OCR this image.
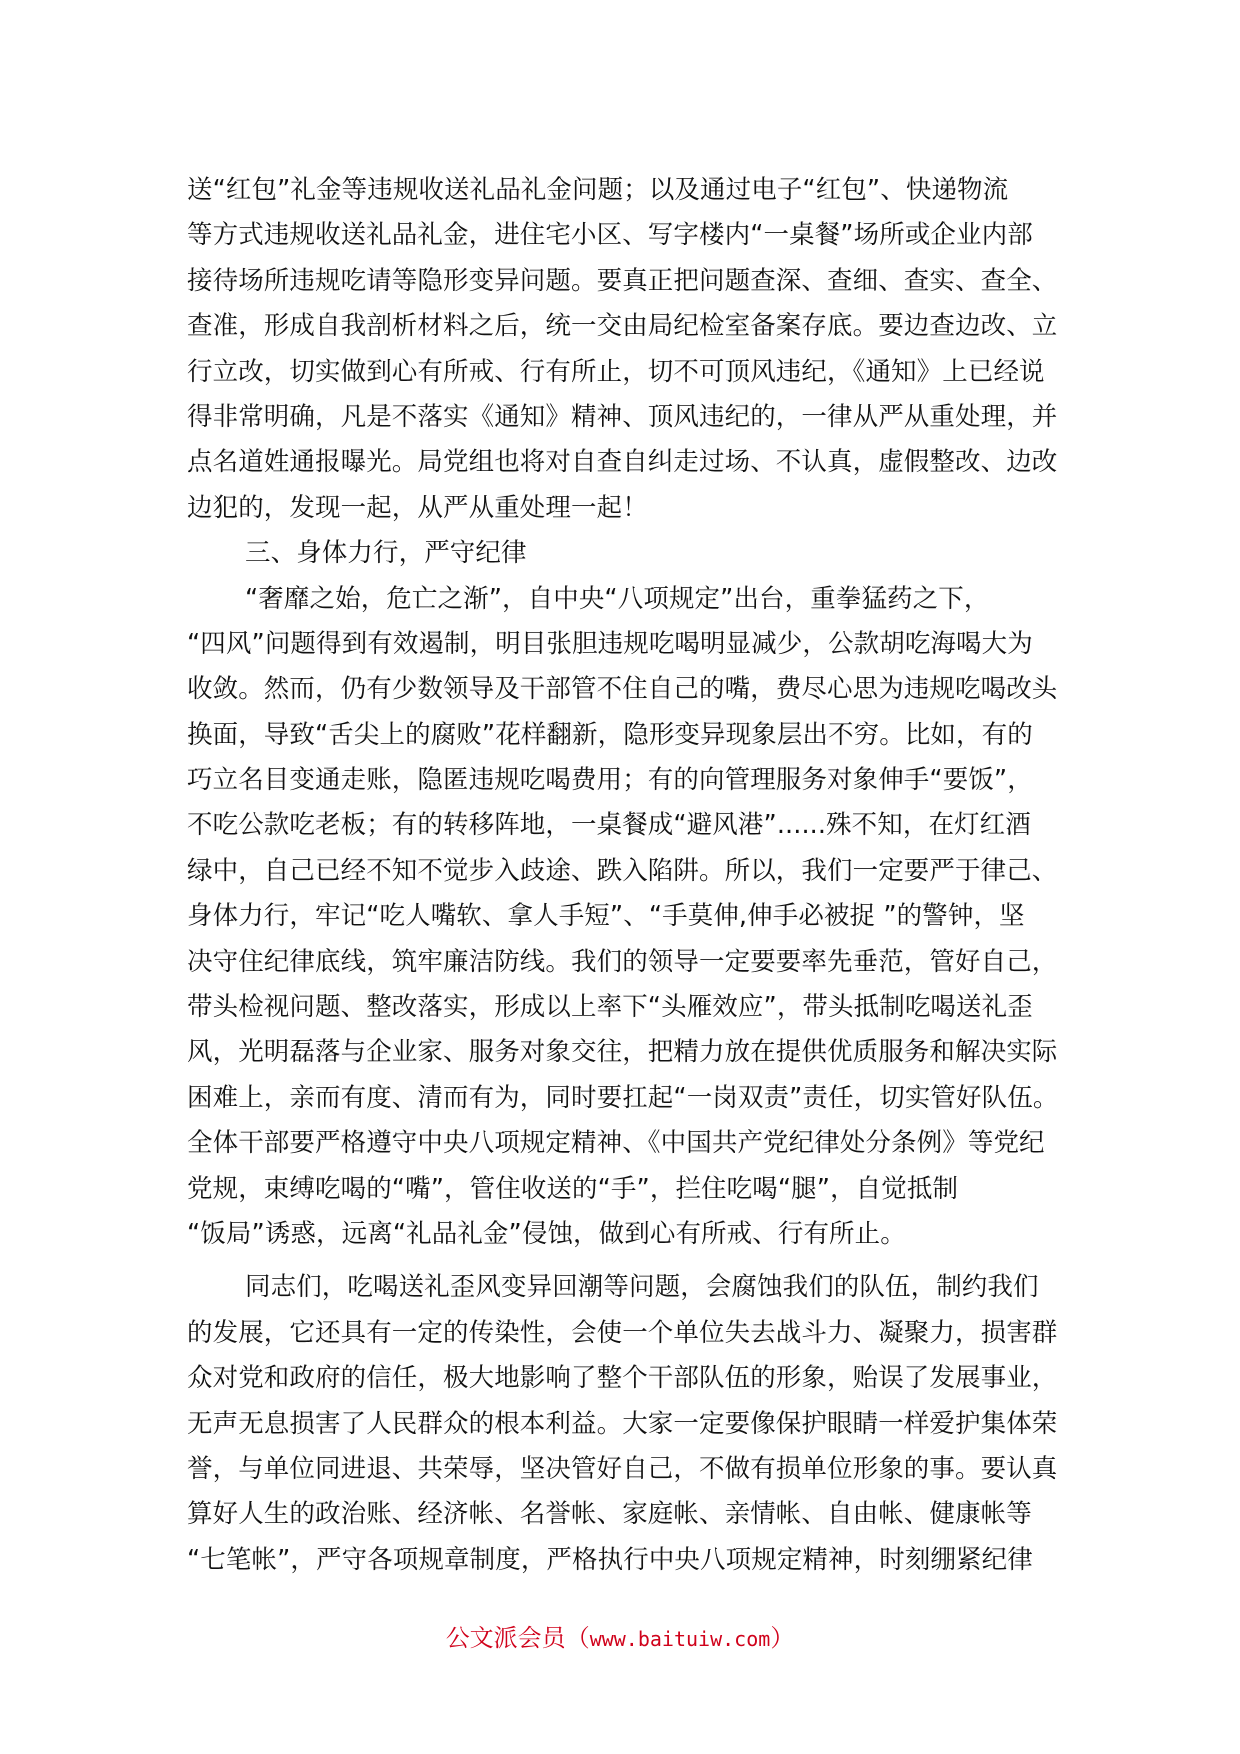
送“红包”礼金等违规收送礼品礼金问题；以及通过电子“红包”、快递物流
等方式违规收送礼品礼金，进住宅小区、写字楼内“一桌餐”场所或企业内部
接待场所违规吃请等隐形变异问题。要真正把问题查深、查细、查实、查全、
查准，形成自我剖析材料之后，统一交由局纪检室备案存底。要边查边改、立
行立改，切实做到心有所戒、行有所止，切不可顶风违纪，《通知》上已经说
得非常明确，凡是不落实《通知》精神、顶风违纪的，一律从严从重处理，并
点名道姓通报曝光。局党组也将对自查自纠走过场、不认真，虚假整改、边改
边犯的，发现一起，从严从重处理一起！
三、身体力行，严守纪律
“奢靡之始，危亡之渐”，自中央“八项规定”出台，重拳猛药之下，
“四风”问题得到有效遏制，明目张胆违规吃喝明显减少，公款胡吃海喝大为
收敛。然而，仍有少数领导及干部管不住自己的嘴，费尽心思为违规吃喝改头
换面，导致“舌尖上的腐败”花样翻新，隐形变异现象层出不穷。比如，有的
巧立名目变通走账，隐匿违规吃喝费用；有的向管理服务对象伸手“要饭”，
不吃公款吃老板；有的转移阵地，一桌餐成“避风港”......殊不知，在灯红酒
绿中，自己已经不知不觉步入歧途、跌入陷阱。所以，我们一定要严于律己、
身体力行，牢记“吃人嘴软、拿人手短”、“手莫伸,伸手必被捉 ”的警钟，坚
决守住纪律底线，筑牢廉洁防线。我们的领导一定要要率先垂范，管好自己，
带头检视问题、整改落实，形成以上率下“头雁效应”，带头抵制吃喝送礼歪
风，光明磊落与企业家、服务对象交往，把精力放在提供优质服务和解决实际
困难上，亲而有度、清而有为，同时要扛起“一岗双责”责任，切实管好队伍。
全体干部要严格遵守中央八项规定精神、《中国共产党纪律处分条例》等党纪
党规，束缚吃喝的“嘴”，管住收送的“手”，拦住吃喝“腿”，自觉抵制
“饭局”诱惑，远离“礼品礼金”侵蚀，做到心有所戒、行有所止。
同志们，吃喝送礼歪风变异回潮等问题，会腐蚀我们的队伍，制约我们
的发展，它还具有一定的传染性，会使一个单位失去战斗力、凝聚力，损害群
众对党和政府的信任，极大地影响了整个干部队伍的形象，贻误了发展事业，
无声无息损害了人民群众的根本利益。大家一定要像保护眼睛一样爱护集体荣
誉，与单位同进退、共荣辱，坚决管好自己，不做有损单位形象的事。要认真
算好人生的政治账、经济帐、名誉帐、家庭帐、亲情帐、自由帐、健康帐等
“七笔帐”，严守各项规章制度，严格执行中央八项规定精神，时刻绷紧纪律
公文派会员（www.baituiw.com）
